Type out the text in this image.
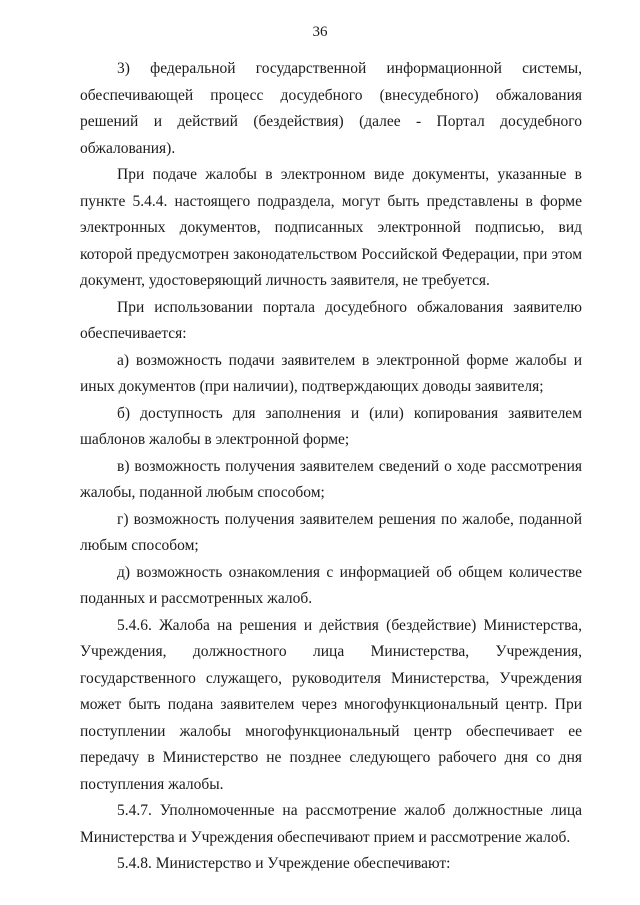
36

3) федеральной государственной информационной системы, обеспечивающей процесс досудебного (внесудебного) обжалования решений и действий (бездействия) (далее - Портал досудебного обжалования).

При подаче жалобы в электронном виде документы, указанные в пункте 5.4.4. настоящего подраздела, могут быть представлены в форме электронных документов, подписанных электронной подписью, вид которой предусмотрен законодательством Российской Федерации, при этом документ, удостоверяющий личность заявителя, не требуется.

При использовании портала досудебного обжалования заявителю обеспечивается:

а) возможность подачи заявителем в электронной форме жалобы и иных документов (при наличии), подтверждающих доводы заявителя;

б) доступность для заполнения и (или) копирования заявителем шаблонов жалобы в электронной форме;

в) возможность получения заявителем сведений о ходе рассмотрения жалобы, поданной любым способом;

г) возможность получения заявителем решения по жалобе, поданной любым способом;

д) возможность ознакомления с информацией об общем количестве поданных и рассмотренных жалоб.

5.4.6. Жалоба на решения и действия (бездействие) Министерства, Учреждения, должностного лица Министерства, Учреждения, государственного служащего, руководителя Министерства, Учреждения может быть подана заявителем через многофункциональный центр. При поступлении жалобы многофункциональный центр обеспечивает ее передачу в Министерство не позднее следующего рабочего дня со дня поступления жалобы.

5.4.7. Уполномоченные на рассмотрение жалоб должностные лица Министерства и Учреждения обеспечивают прием и рассмотрение жалоб.

5.4.8. Министерство и Учреждение обеспечивают:
